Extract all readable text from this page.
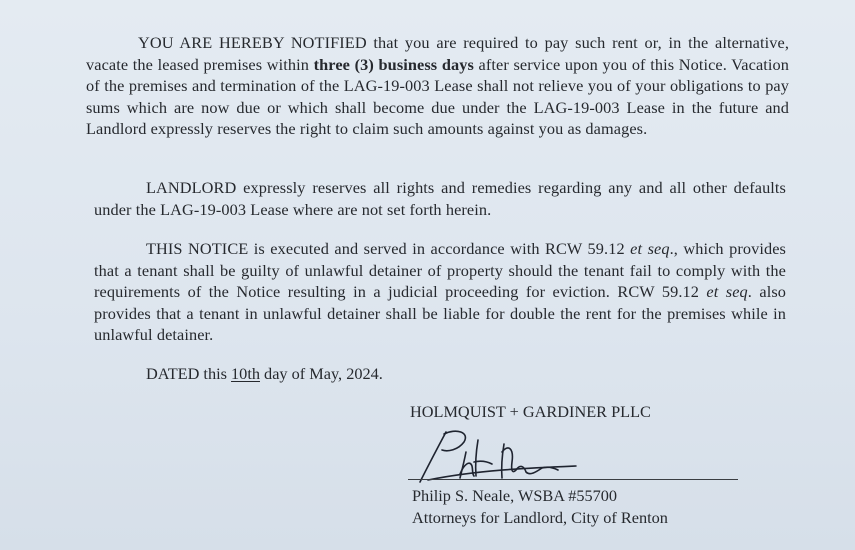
YOU ARE HEREBY NOTIFIED that you are required to pay such rent or, in the alternative, vacate the leased premises within three (3) business days after service upon you of this Notice. Vacation of the premises and termination of the LAG-19-003 Lease shall not relieve you of your obligations to pay sums which are now due or which shall become due under the LAG-19-003 Lease in the future and Landlord expressly reserves the right to claim such amounts against you as damages.
LANDLORD expressly reserves all rights and remedies regarding any and all other defaults under the LAG-19-003 Lease where are not set forth herein.
THIS NOTICE is executed and served in accordance with RCW 59.12 et seq., which provides that a tenant shall be guilty of unlawful detainer of property should the tenant fail to comply with the requirements of the Notice resulting in a judicial proceeding for eviction. RCW 59.12 et seq. also provides that a tenant in unlawful detainer shall be liable for double the rent for the premises while in unlawful detainer.
DATED this 10th day of May, 2024.
HOLMQUIST + GARDINER PLLC
Philip S. Neale, WSBA #55700
Attorneys for Landlord, City of Renton
